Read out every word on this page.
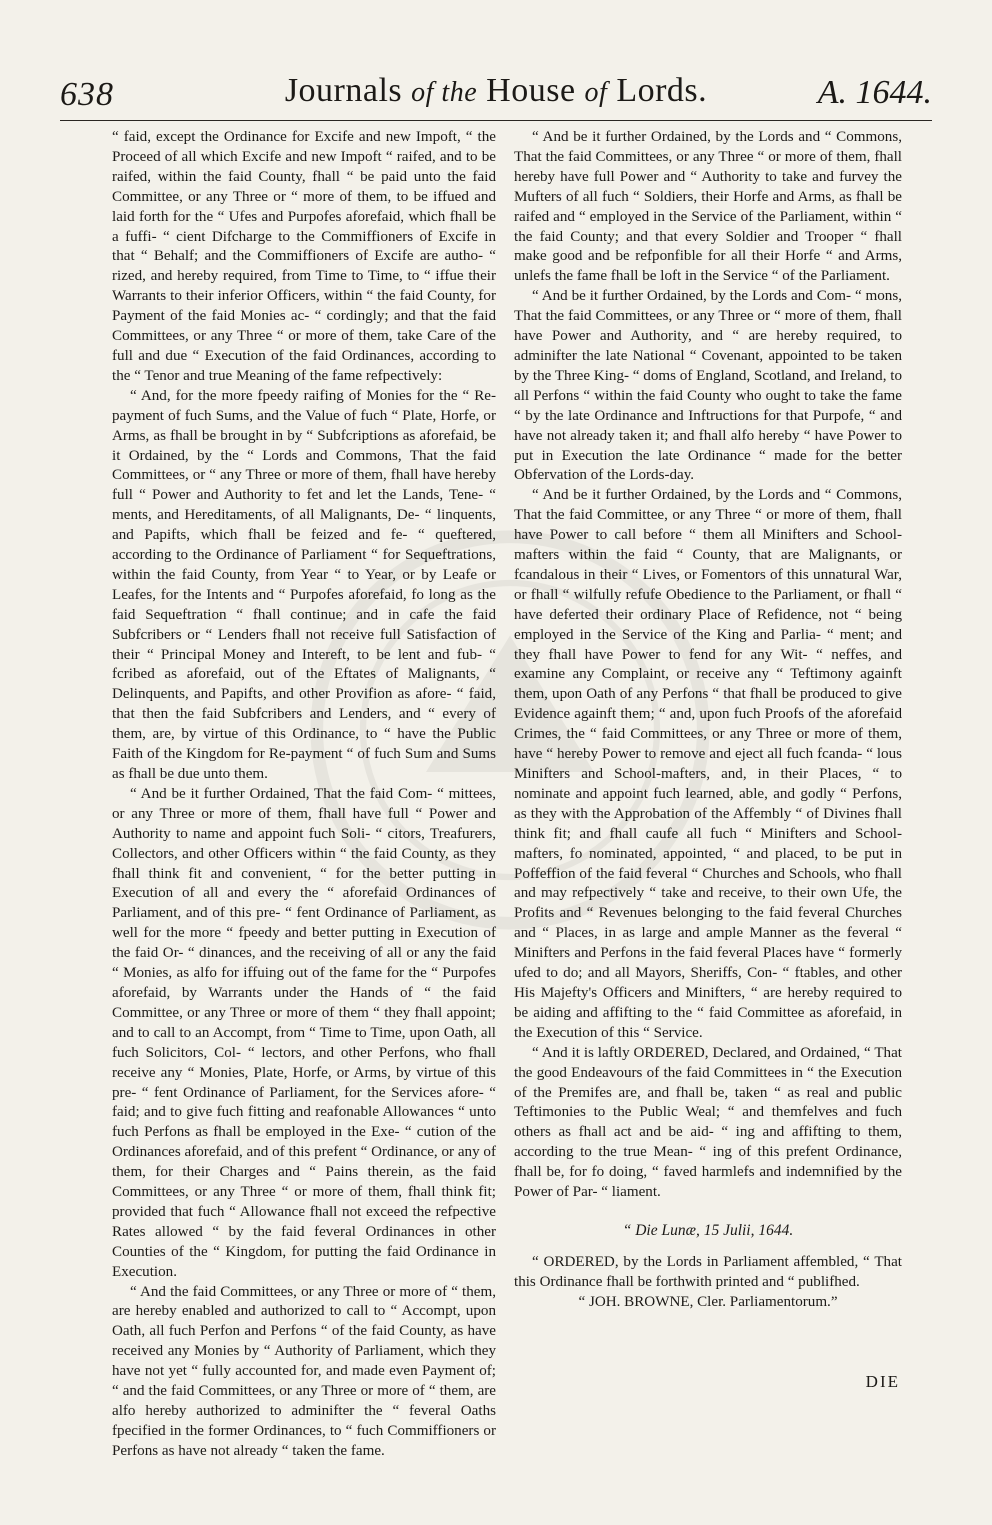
638	Journals of the House of Lords.	A. 1644.

“ faid, except the Ordinance for Excife and new Impoft, “ the Proceed of all which Excife and new Impoft “ raifed, and to be raifed, within the faid County, fhall “ be paid unto the faid Committee, or any Three or “ more of them, to be iffued and laid forth for the “ Ufes and Purpofes aforefaid, which fhall be a fuffi- “ cient Difcharge to the Commiffioners of Excife in that “ Behalf; and the Commiffioners of Excife are autho- “ rized, and hereby required, from Time to Time, to “ iffue their Warrants to their inferior Officers, within “ the faid County, for Payment of the faid Monies ac- “ cordingly; and that the faid Committees, or any Three “ or more of them, take Care of the full and due “ Execution of the faid Ordinances, according to the “ Tenor and true Meaning of the fame refpectively:

“ And, for the more fpeedy raifing of Monies for the “ Re-payment of fuch Sums, and the Value of fuch “ Plate, Horfe, or Arms, as fhall be brought in by “ Subfcriptions as aforefaid, be it Ordained, by the “ Lords and Commons, That the faid Committees, or “ any Three or more of them, fhall have hereby full “ Power and Authority to fet and let the Lands, Tene- “ ments, and Hereditaments, of all Malignants, De- “ linquents, and Papifts, which fhall be feized and fe- “ queftered, according to the Ordinance of Parliament “ for Sequeftrations, within the faid County, from Year “ to Year, or by Leafe or Leafes, for the Intents and “ Purpofes aforefaid, fo long as the faid Sequeftration “ fhall continue; and in cafe the faid Subfcribers or “ Lenders fhall not receive full Satisfaction of their “ Principal Money and Intereft, to be lent and fub- “ fcribed as aforefaid, out of the Eftates of Malignants, “ Delinquents, and Papifts, and other Provifion as afore- “ faid, that then the faid Subfcribers and Lenders, and “ every of them, are, by virtue of this Ordinance, to “ have the Public Faith of the Kingdom for Re-payment “ of fuch Sum and Sums as fhall be due unto them.

“ And be it further Ordained, That the faid Com- “ mittees, or any Three or more of them, fhall have full “ Power and Authority to name and appoint fuch Soli- “ citors, Treafurers, Collectors, and other Officers within “ the faid County, as they fhall think fit and convenient, “ for the better putting in Execution of all and every the “ aforefaid Ordinances of Parliament, and of this pre- “ fent Ordinance of Parliament, as well for the more “ fpeedy and better putting in Execution of the faid Or- “ dinances, and the receiving of all or any the faid “ Monies, as alfo for iffuing out of the fame for the “ Purpofes aforefaid, by Warrants under the Hands of “ the faid Committee, or any Three or more of them “ they fhall appoint; and to call to an Accompt, from “ Time to Time, upon Oath, all fuch Solicitors, Col- “ lectors, and other Perfons, who fhall receive any “ Monies, Plate, Horfe, or Arms, by virtue of this pre- “ fent Ordinance of Parliament, for the Services afore- “ faid; and to give fuch fitting and reafonable Allowances “ unto fuch Perfons as fhall be employed in the Exe- “ cution of the Ordinances aforefaid, and of this prefent “ Ordinance, or any of them, for their Charges and “ Pains therein, as the faid Committees, or any Three “ or more of them, fhall think fit; provided that fuch “ Allowance fhall not exceed the refpective Rates allowed “ by the faid feveral Ordinances in other Counties of the “ Kingdom, for putting the faid Ordinance in Execution.

“ And the faid Committees, or any Three or more of “ them, are hereby enabled and authorized to call to “ Accompt, upon Oath, all fuch Perfon and Perfons “ of the faid County, as have received any Monies by “ Authority of Parliament, which they have not yet “ fully accounted for, and made even Payment of; “ and the faid Committees, or any Three or more of “ them, are alfo hereby authorized to adminifter the “ feveral Oaths fpecified in the former Ordinances, to “ fuch Commiffioners or Perfons as have not already “ taken the fame.

“ And be it further Ordained, by the Lords and “ Commons, That the faid Committees, or any Three “ or more of them, fhall hereby have full Power and “ Authority to take and furvey the Mufters of all fuch “ Soldiers, their Horfe and Arms, as fhall be raifed and “ employed in the Service of the Parliament, within “ the faid County; and that every Soldier and Trooper “ fhall make good and be refponfible for all their Horfe “ and Arms, unlefs the fame fhall be loft in the Service “ of the Parliament.

“ And be it further Ordained, by the Lords and Com- “ mons, That the faid Committees, or any Three or “ more of them, fhall have Power and Authority, and “ are hereby required, to adminifter the late National “ Covenant, appointed to be taken by the Three King- “ doms of England, Scotland, and Ireland, to all Perfons “ within the faid County who ought to take the fame “ by the late Ordinance and Inftructions for that Purpofe, “ and have not already taken it; and fhall alfo hereby “ have Power to put in Execution the late Ordinance “ made for the better Obfervation of the Lords-day.

“ And be it further Ordained, by the Lords and “ Commons, That the faid Committee, or any Three “ or more of them, fhall have Power to call before “ them all Minifters and School-mafters within the faid “ County, that are Malignants, or fcandalous in their “ Lives, or Fomentors of this unnatural War, or fhall “ wilfully refufe Obedience to the Parliament, or fhall “ have deferted their ordinary Place of Refidence, not “ being employed in the Service of the King and Parlia- “ ment; and they fhall have Power to fend for any Wit- “ neffes, and examine any Complaint, or receive any “ Teftimony againft them, upon Oath of any Perfons “ that fhall be produced to give Evidence againft them; “ and, upon fuch Proofs of the aforefaid Crimes, the “ faid Committees, or any Three or more of them, have “ hereby Power to remove and eject all fuch fcanda- “ lous Minifters and School-mafters, and, in their Places, “ to nominate and appoint fuch learned, able, and godly “ Perfons, as they with the Approbation of the Affembly “ of Divines fhall think fit; and fhall caufe all fuch “ Minifters and School-mafters, fo nominated, appointed, “ and placed, to be put in Poffeffion of the faid feveral “ Churches and Schools, who fhall and may refpectively “ take and receive, to their own Ufe, the Profits and “ Revenues belonging to the faid feveral Churches and “ Places, in as large and ample Manner as the feveral “ Minifters and Perfons in the faid feveral Places have “ formerly ufed to do; and all Mayors, Sheriffs, Con- “ ftables, and other His Majefty's Officers and Minifters, “ are hereby required to be aiding and affifting to the “ faid Committee as aforefaid, in the Execution of this “ Service.

“ And it is laftly ORDERED, Declared, and Ordained, “ That the good Endeavours of the faid Committees in “ the Execution of the Premifes are, and fhall be, taken “ as real and public Teftimonies to the Public Weal; “ and themfelves and fuch others as fhall act and be aid- “ ing and affifting to them, according to the true Mean- “ ing of this prefent Ordinance, fhall be, for fo doing, “ faved harmlefs and indemnified by the Power of Par- “ liament.

“ Die Lunæ, 15 Julii, 1644.

“ ORDERED, by the Lords in Parliament affembled, “ That this Ordinance fhall be forthwith printed and “ publifhed.

“ JOH. BROWNE, Cler. Parliamentorum.”

DIE
